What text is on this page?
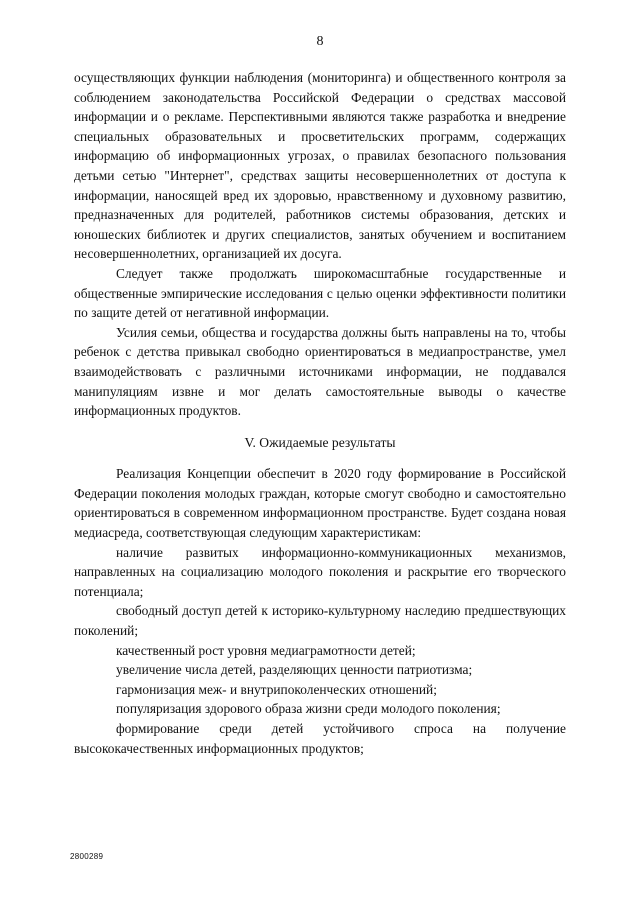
8

осуществляющих функции наблюдения (мониторинга) и общественного контроля за соблюдением законодательства Российской Федерации о средствах массовой информации и о рекламе. Перспективными являются также разработка и внедрение специальных образовательных и просветительских программ, содержащих информацию об информационных угрозах, о правилах безопасного пользования детьми сетью "Интернет", средствах защиты несовершеннолетних от доступа к информации, наносящей вред их здоровью, нравственному и духовному развитию, предназначенных для родителей, работников системы образования, детских и юношеских библиотек и других специалистов, занятых обучением и воспитанием несовершеннолетних, организацией их досуга.

Следует также продолжать широкомасштабные государственные и общественные эмпирические исследования с целью оценки эффективности политики по защите детей от негативной информации.

Усилия семьи, общества и государства должны быть направлены на то, чтобы ребенок с детства привыкал свободно ориентироваться в медиапространстве, умел взаимодействовать с различными источниками информации, не поддавался манипуляциям извне и мог делать самостоятельные выводы о качестве информационных продуктов.

V. Ожидаемые результаты

Реализация Концепции обеспечит в 2020 году формирование в Российской Федерации поколения молодых граждан, которые смогут свободно и самостоятельно ориентироваться в современном информационном пространстве. Будет создана новая медиасреда, соответствующая следующим характеристикам:

наличие развитых информационно-коммуникационных механизмов, направленных на социализацию молодого поколения и раскрытие его творческого потенциала;

свободный доступ детей к историко-культурному наследию предшествующих поколений;

качественный рост уровня медиаграмотности детей;

увеличение числа детей, разделяющих ценности патриотизма;

гармонизация меж- и внутрипоколенческих отношений;

популяризация здорового образа жизни среди молодого поколения;

формирование среди детей устойчивого спроса на получение высококачественных информационных продуктов;

2800289
